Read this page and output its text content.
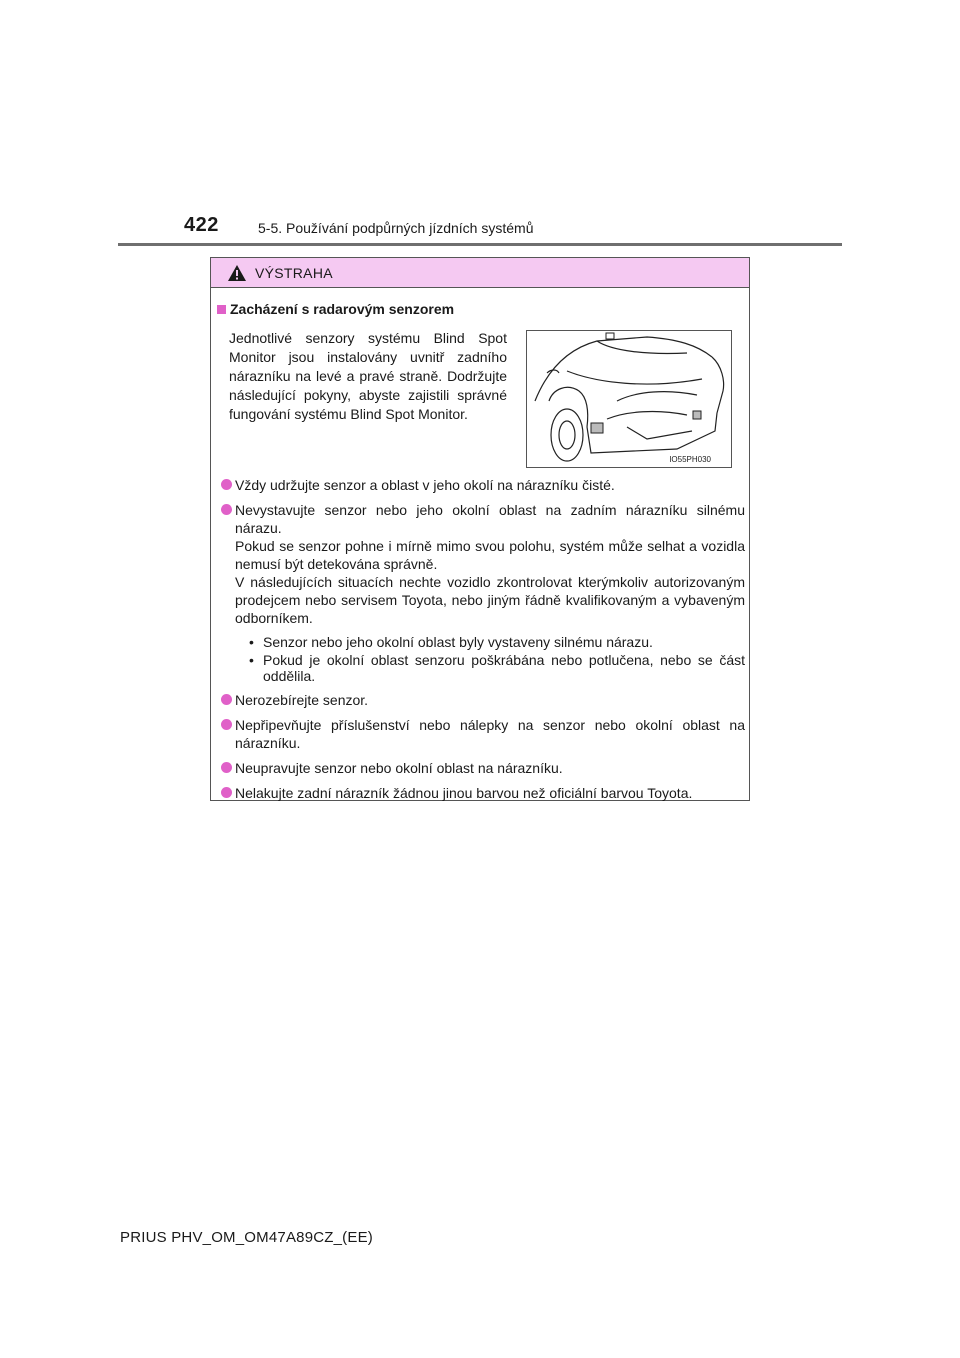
422	5-5. Používání podpůrných jízdních systémů
VÝSTRAHA
Zacházení s radarovým senzorem
Jednotlivé senzory systému Blind Spot Monitor jsou instalovány uvnitř zadního nárazníku na levé a pravé straně. Dodržujte následující pokyny, abyste zajistili správné fungování systému Blind Spot Monitor.
IO55PH030
Vždy udržujte senzor a oblast v jeho okolí na nárazníku čisté.
Nevystavujte senzor nebo jeho okolní oblast na zadním nárazníku silnému nárazu.
Pokud se senzor pohne i mírně mimo svou polohu, systém může selhat a vozidla nemusí být detekována správně.
V následujících situacích nechte vozidlo zkontrolovat kterýmkoliv autorizovaným prodejcem nebo servisem Toyota, nebo jiným řádně kvalifikovaným a vybaveným odborníkem.
• Senzor nebo jeho okolní oblast byly vystaveny silnému nárazu.
• Pokud je okolní oblast senzoru poškrábána nebo potlučena, nebo se část oddělila.
Nerozebírejte senzor.
Nepřipevňujte příslušenství nebo nálepky na senzor nebo okolní oblast na nárazníku.
Neupravujte senzor nebo okolní oblast na nárazníku.
Nelakujte zadní nárazník žádnou jinou barvou než oficiální barvou Toyota.
PRIUS PHV_OM_OM47A89CZ_(EE)
